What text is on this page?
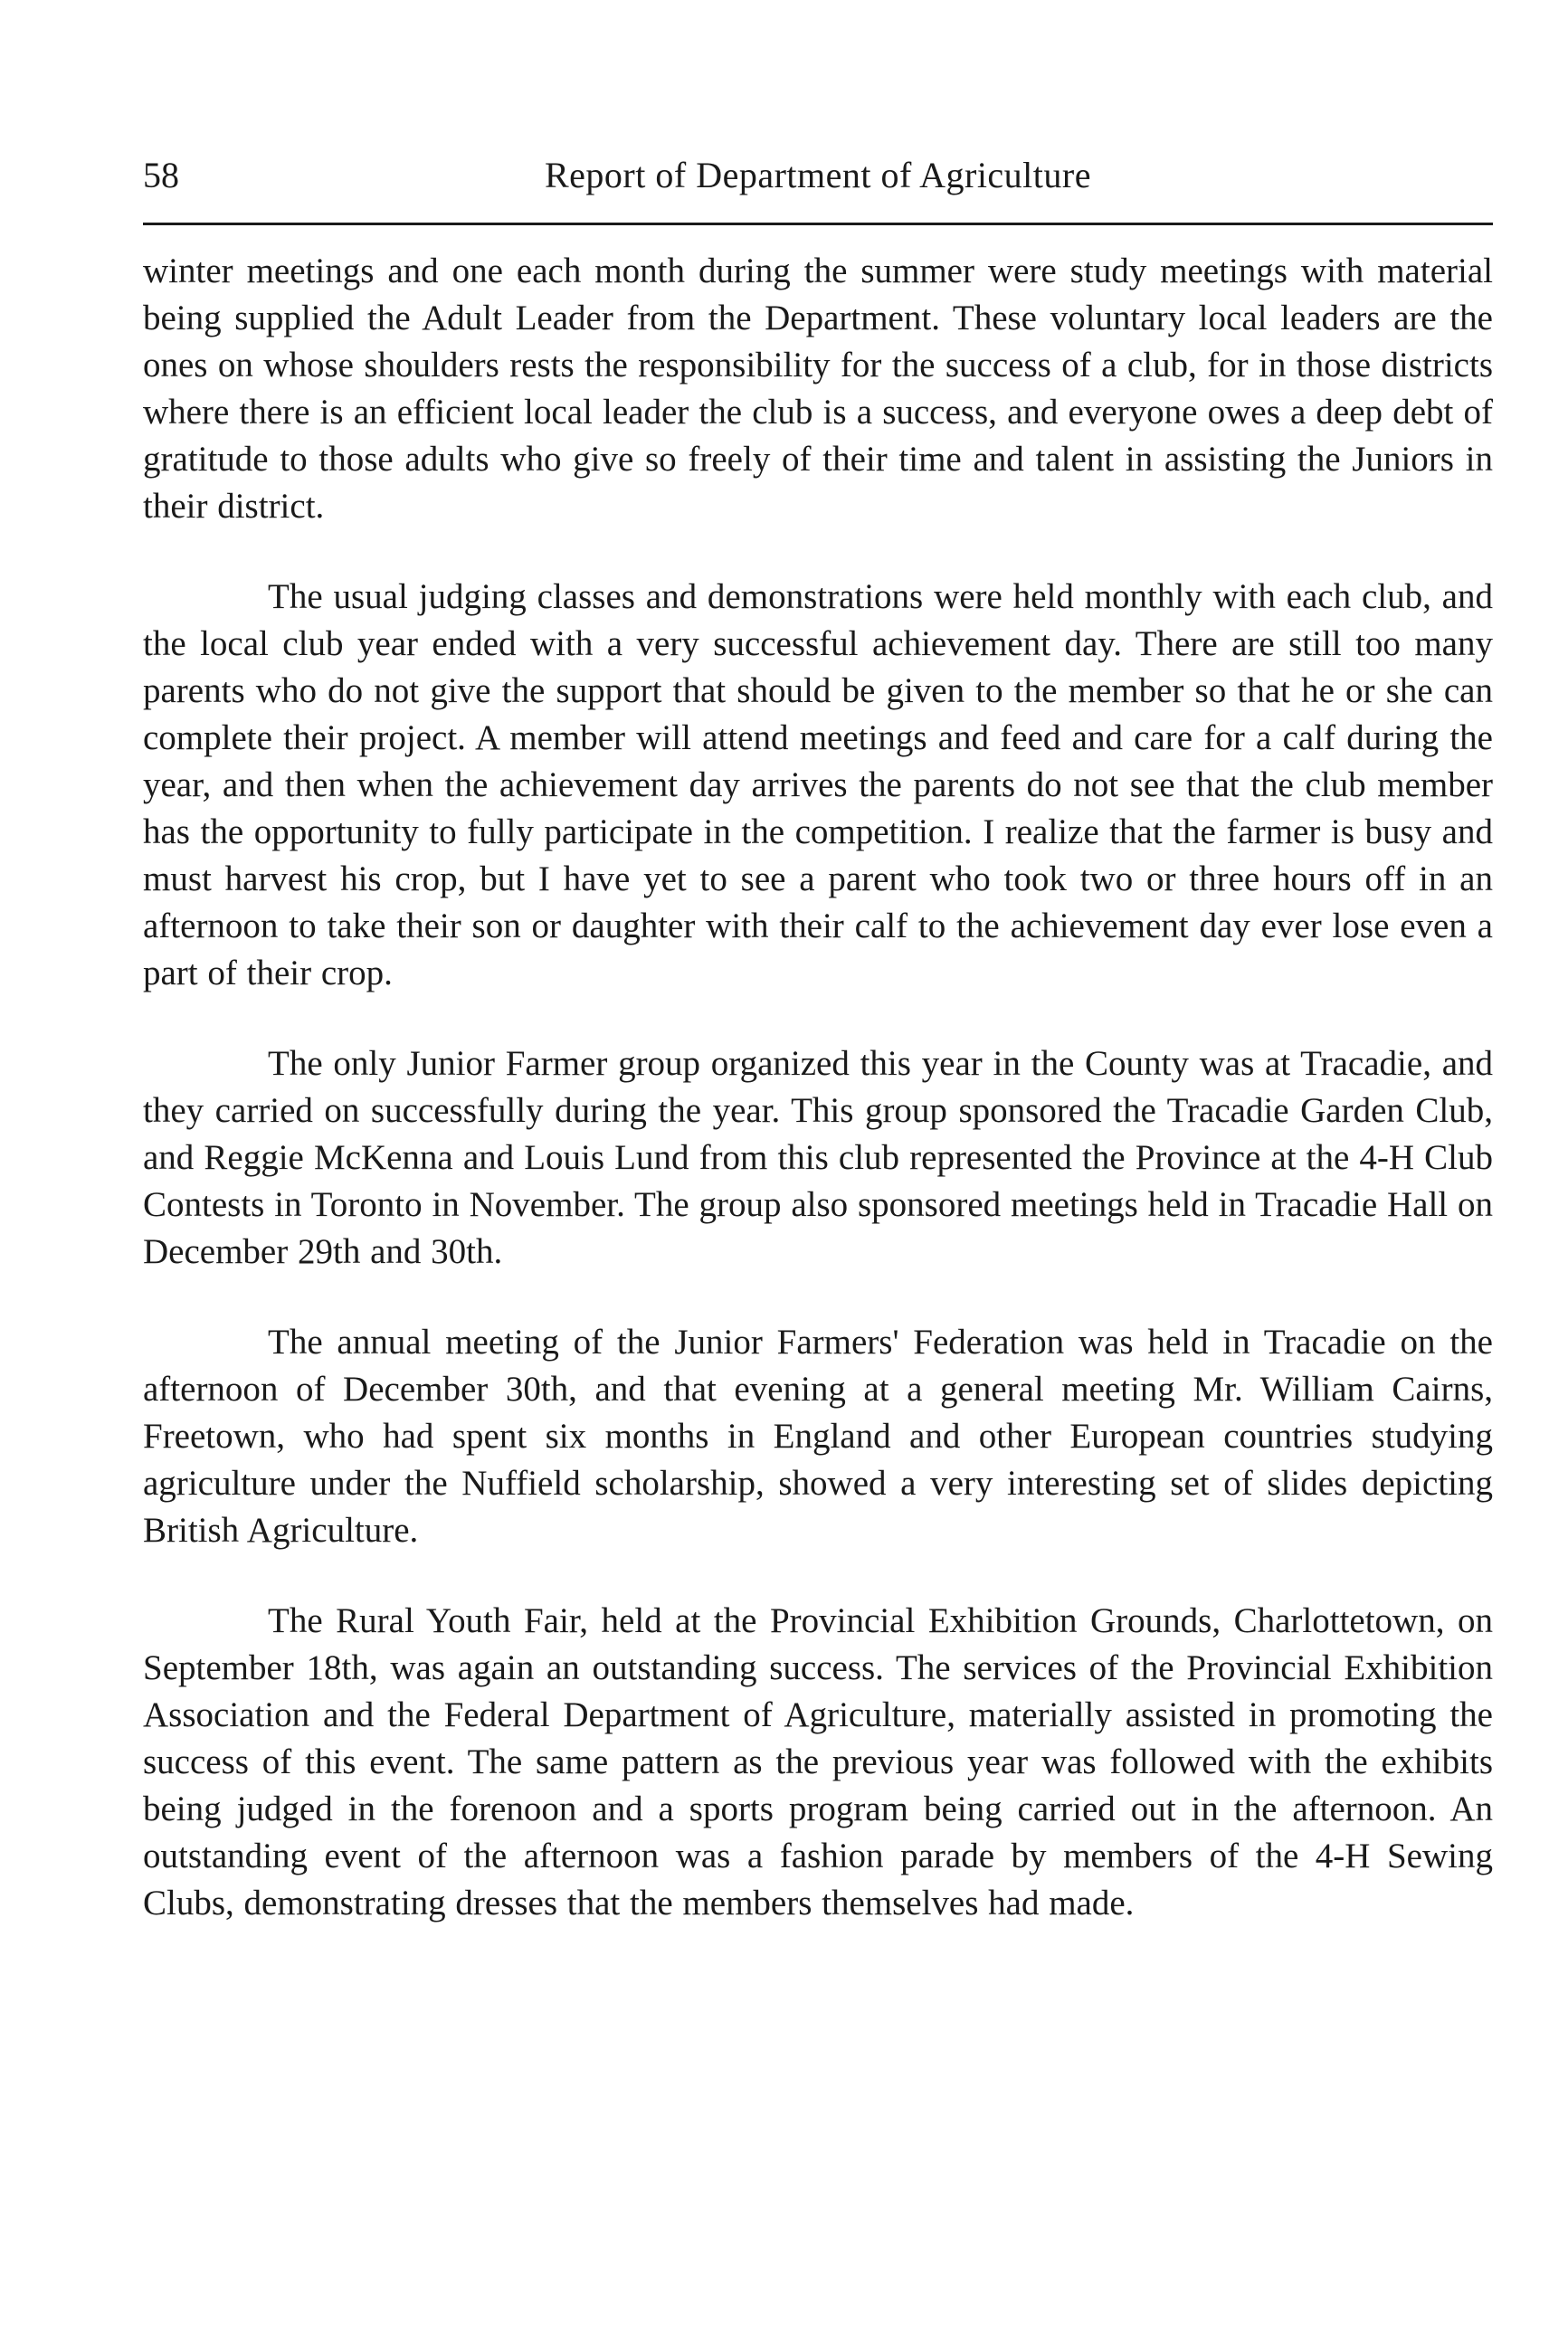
58	Report of Department of Agriculture

winter meetings and one each month during the summer were study meetings with material being supplied the Adult Leader from the Department. These voluntary local leaders are the ones on whose shoulders rests the responsibility for the success of a club, for in those districts where there is an efficient local leader the club is a success, and everyone owes a deep debt of gratitude to those adults who give so freely of their time and talent in assisting the Juniors in their district.

The usual judging classes and demonstrations were held monthly with each club, and the local club year ended with a very successful achievement day. There are still too many parents who do not give the support that should be given to the member so that he or she can complete their project. A member will attend meetings and feed and care for a calf during the year, and then when the achievement day arrives the parents do not see that the club member has the opportunity to fully participate in the competition. I realize that the farmer is busy and must harvest his crop, but I have yet to see a parent who took two or three hours off in an afternoon to take their son or daughter with their calf to the achievement day ever lose even a part of their crop.

The only Junior Farmer group organized this year in the County was at Tracadie, and they carried on successfully during the year. This group sponsored the Tracadie Garden Club, and Reggie McKenna and Louis Lund from this club represented the Province at the 4-H Club Contests in Toronto in November. The group also sponsored meetings held in Tracadie Hall on December 29th and 30th.

The annual meeting of the Junior Farmers' Federation was held in Tracadie on the afternoon of December 30th, and that evening at a general meeting Mr. William Cairns, Freetown, who had spent six months in England and other European countries studying agriculture under the Nuffield scholarship, showed a very interesting set of slides depicting British Agriculture.

The Rural Youth Fair, held at the Provincial Exhibition Grounds, Charlottetown, on September 18th, was again an outstanding success. The services of the Provincial Exhibition Association and the Federal Department of Agriculture, materially assisted in promoting the success of this event. The same pattern as the previous year was followed with the exhibits being judged in the forenoon and a sports program being carried out in the afternoon. An outstanding event of the afternoon was a fashion parade by members of the 4-H Sewing Clubs, demonstrating dresses that the members themselves had made.
